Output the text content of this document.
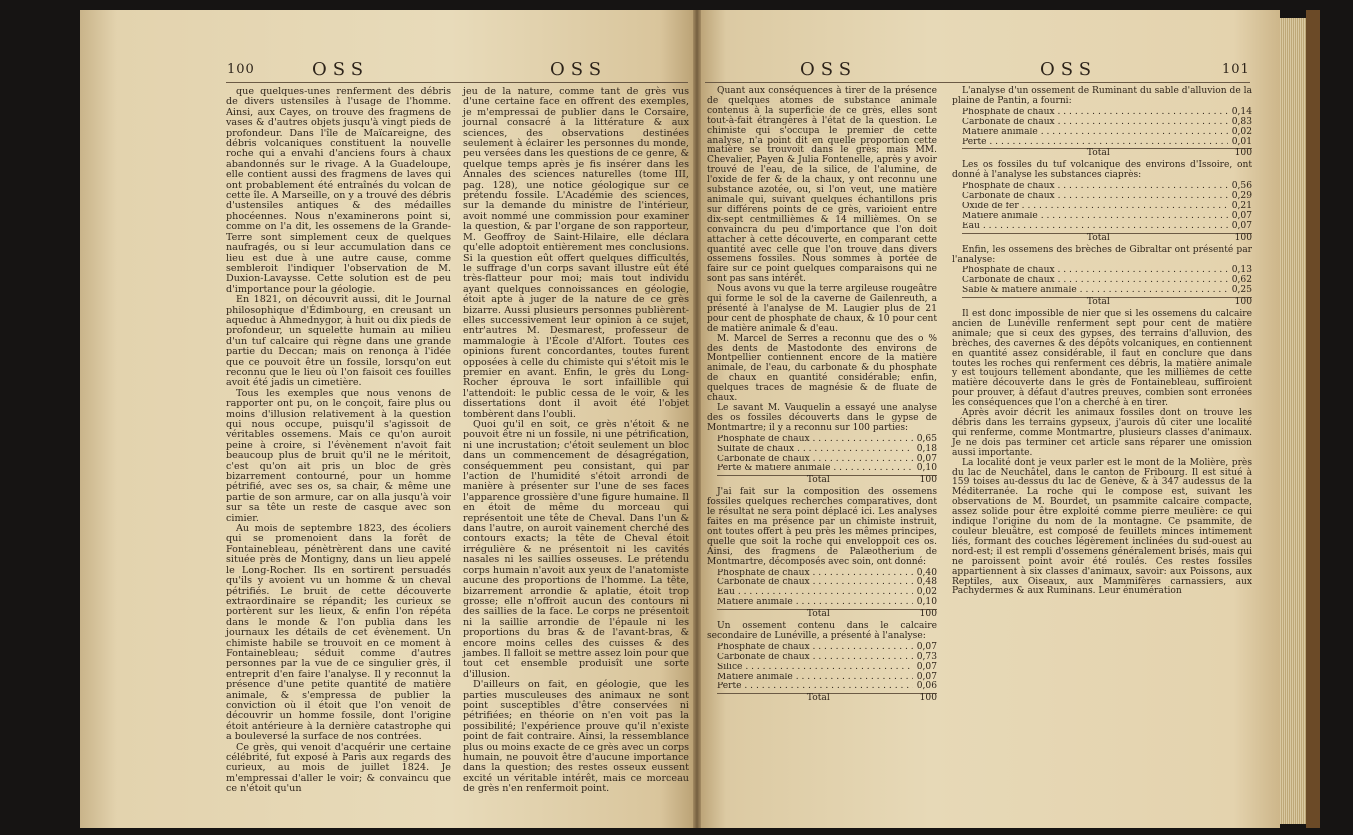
100	OSS	OSS

que quelques-unes renferment des débris de divers ustensiles à l'usage de l'homme. Ainsi, aux Cayes, on trouve des fragmens de vases & d'autres objets jusqu'à vingt pieds de profondeur. Dans l'île de Maïcareigne, des débris volcaniques constituent la nouvelle roche qui a envahi d'anciens fours à chaux abandonnés sur le rivage. A la Guadeloupe, elle contient aussi des fragmens de laves qui ont probablement été entraînés du volcan de cette île. A Marseille, on y a trouvé des débris d'ustensiles antiques & des médailles phocéennes. Nous n'examinerons point si, comme on l'a dit, les ossemens de la Grande-Terre sont simplement ceux de quelques naufragés, ou si leur accumulation dans ce lieu est due à une autre cause, comme sembleroit l'indiquer l'observation de M. Duxion-Lavaysse. Cette solution est de peu d'importance pour la géologie.

En 1821, on découvrit aussi, dit le Journal philosophique d'Édimbourg, en creusant un aqueduc à Ahmednygor, à huit ou dix pieds de profondeur, un squelette humain au milieu d'un tuf calcaire qui règne dans une grande partie du Deccan; mais on renonça à l'idée que ce pouvoit être un fossile, lorsqu'on eut reconnu que le lieu où l'on faisoit ces fouilles avoit été jadis un cimetière.

Tous les exemples que nous venons de rapporter ont pu, on le conçoit, faire plus ou moins d'illusion relativement à la question qui nous occupe, puisqu'il s'agissoit de véritables ossemens. Mais ce qu'on auroit peine à croire, si l'évènement n'avoit fait beaucoup plus de bruit qu'il ne le méritoit, c'est qu'on ait pris un bloc de grès bizarrement contourné, pour un homme pétrifié, avec ses os, sa chair, & même une partie de son armure, car on alla jusqu'à voir sur sa tête un reste de casque avec son cimier.

Au mois de septembre 1823, des écoliers qui se promenoient dans la forêt de Fontainebleau, pénètrèrent dans une cavité située près de Montigny, dans un lieu appelé le Long-Rocher. Ils en sortirent persuadés qu'ils y avoient vu un homme & un cheval pétrifiés. Le bruit de cette découverte extraordinaire se répandit; les curieux se portèrent sur les lieux, & enfin l'on répéta dans le monde & l'on publia dans les journaux les détails de cet évènement. Un chimiste habile se trouvoit en ce moment à Fontainebleau; séduit comme d'autres personnes par la vue de ce singulier grès, il entreprit d'en faire l'analyse. Il y reconnut la présence d'une petite quantité de matière animale, & s'empressa de publier la conviction où il étoit que l'on venoit de découvrir un homme fossile, dont l'origine étoit antérieure à la dernière catastrophe qui a bouleversé la surface de nos contrées.

Ce grès, qui venoit d'acquérir une certaine célébrité, fut exposé à Paris aux regards des curieux, au mois de juillet 1824. Je m'empressai d'aller le voir; & convaincu que ce n'étoit qu'un

jeu de la nature, comme tant de grès vus d'une certaine face en offrent des exemples, je m'empressai de publier dans le Corsaire, journal consacré à la littérature & aux sciences, des observations destinées seulement à éclairer les personnes du monde, peu versées dans les questions de ce genre, & quelque temps après je fis insérer dans les Annales des sciences naturelles (tome III, pag. 128), une notice géologique sur ce prétendu fossile. L'Académie des sciences, sur la demande du ministre de l'intérieur, avoit nommé une commission pour examiner la question, & par l'organe de son rapporteur, M. Geoffroy de Saint-Hilaire, elle déclara qu'elle adoptoit entièrement mes conclusions. Si la question eût offert quelques difficultés, le suffrage d'un corps savant illustre eût été très-flatteur pour moi; mais tout individu ayant quelques connoissances en géologie, étoit apte à juger de la nature de ce grès bizarre. Aussi plusieurs personnes publièrent-elles successivement leur opinion à ce sujet, entr'autres M. Desmarest, professeur de mammalogie à l'École d'Alfort. Toutes ces opinions furent concordantes, toutes furent opposées à celle du chimiste qui s'étoit mis le premier en avant. Enfin, le grès du Long-Rocher éprouva le sort infaillible qui l'attendoit: le public cessa de le voir, & les dissertations dont il avoit été l'objet tombèrent dans l'oubli.

Quoi qu'il en soit, ce grès n'étoit & ne pouvoit être ni un fossile, ni une pétrification, ni une incrustation; c'étoit seulement un bloc dans un commencement de désagrégation, conséquemment peu consistant, qui par l'action de l'humidité s'étoit arrondi de manière à présenter sur l'une de ses faces l'apparence grossière d'une figure humaine. Il en étoit de même du morceau qui représentoit une tête de Cheval. Dans l'un & dans l'autre, on auroit vainement cherché des contours exacts; la tête de Cheval étoit irrégulière & ne présentoit ni les cavités nasales ni les saillies osseuses. Le prétendu corps humain n'avoit aux yeux de l'anatomiste aucune des proportions de l'homme. La tête, bizarrement arrondie & aplatie, étoit trop grosse; elle n'offroit aucun des contours ni des saillies de la face. Le corps ne présentoit ni la saillie arrondie de l'épaule ni les proportions du bras & de l'avant-bras, & encore moins celles des cuisses & des jambes. Il falloit se mettre assez loin pour que tout cet ensemble produisît une sorte d'illusion.

D'ailleurs on fait, en géologie, que les parties musculeuses des animaux ne sont point susceptibles d'être conservées ni pétrifiées; en théorie on n'en voit pas la possibilité; l'expérience prouve qu'il n'existe point de fait contraire. Ainsi, la ressemblance plus ou moins exacte de ce grès avec un corps humain, ne pouvoit être d'aucune importance dans la question; des restes osseux eussent excité un véritable intérêt, mais ce morceau de grès n'en renfermoit point.

OSS	OSS	101

Quant aux conséquences à tirer de la présence de quelques atomes de substance animale contenus à la superficie de ce grès, elles sont tout-à-fait étrangères à l'état de la question. Le chimiste qui s'occupa le premier de cette analyse, n'a point dit en quelle proportion cette matière se trouvoit dans le grès; mais MM. Chevalier, Payen & Julia Fontenelle, après y avoir trouvé de l'eau, de la silice, de l'alumine, de l'oxide de fer & de la chaux, y ont reconnu une substance azotée, ou, si l'on veut, une matière animale qui, suivant quelques échantillons pris sur différens points de ce grès, varioient entre dix-sept centmillièmes & 14 millièmes. On se convaincra du peu d'importance que l'on doit attacher à cette découverte, en comparant cette quantité avec celle que l'on trouve dans divers ossemens fossiles. Nous sommes à portée de faire sur ce point quelques comparaisons qui ne sont pas sans intérêt.

Nous avons vu que la terre argileuse rougeâtre qui forme le sol de la caverne de Gailenreuth, a présenté à l'analyse de M. Laugier plus de 21 pour cent de phosphate de chaux, & 10 pour cent de matière animale & d'eau.

M. Marcel de Serres a reconnu que des o % des dents de Mastodonte des environs de Montpellier contiennent encore de la matière animale, de l'eau, du carbonate & du phosphate de chaux en quantité considérable; enfin, quelques traces de magnésie & de fluate de chaux.

Le savant M. Vauquelin a essayé une analyse des os fossiles découverts dans le gypse de Montmartre; il y a reconnu sur 100 parties:

Phosphate de chaux . . .	0,65
Sulfate de chaux . . .	0,18
Carbonate de chaux . . .	0,07
Perte & matière animale . . .	0,10
Total	100

J'ai fait sur la composition des ossemens fossiles quelques recherches comparatives, dont le résultat ne sera point déplacé ici. Les analyses faites en ma présence par un chimiste instruit, ont toutes offert à peu près les mêmes principes, quelle que soit la roche qui enveloppoit ces os. Ainsi, des fragmens de Palæotherium de Montmartre, décomposés avec soin, ont donné:

Phosphate de chaux . . .	0,40
Carbonate de chaux . . .	0,48
Eau . . .	0,02
Matière animale . . .	0,10
Total	100

Un ossement contenu dans le calcaire secondaire de Lunéville, a présenté à l'analyse:

Phosphate de chaux . . .	0,07
Carbonate de chaux . . .	0,73
Silice . . .	0,07
Matière animale . . .	0,07
Perte . . .	0,06
Total	100

L'analyse d'un ossement de Ruminant du sable d'alluvion de la plaine de Pantin, a fourni:

Phosphate de chaux . . .	0,14
Carbonate de chaux . . .	0,83
Matière animale . . .	0,02
Perte . . .	0,01
Total	100

Les os fossiles du tuf volcanique des environs d'Issoire, ont donné à l'analyse les substances ciaprès:

Phosphate de chaux . . .	0,56
Carbonate de chaux . . .	0,29
Oxide de fer . . .	0,21
Matière animale . . .	0,07
Eau . . .	0,07
Total	100

Enfin, les ossemens des brèches de Gibraltar ont présenté par l'analyse:

Phosphate de chaux . . .	0,13
Carbonate de chaux . . .	0,62
Sable & matière animale . . .	0,25
Total	100

Il est donc impossible de nier que si les ossemens du calcaire ancien de Lunéville renferment sept pour cent de matière animale; que si ceux des gypses, des terrains d'alluvion, des brèches, des cavernes & des dépôts volcaniques, en contiennent en quantité assez considérable, il faut en conclure que dans toutes les roches qui renferment ces débris, la matière animale y est toujours tellement abondante, que les millièmes de cette matière découverte dans le grès de Fontainebleau, suffiroient pour prouver, à défaut d'autres preuves, combien sont erronées les conséquences que l'on a cherché à en tirer.

Après avoir décrit les animaux fossiles dont on trouve les débris dans les terrains gypseux, j'aurois dû citer une localité qui renferme, comme Montmartre, plusieurs classes d'animaux. Je ne dois pas terminer cet article sans réparer une omission aussi importante.

La localité dont je veux parler est le mont de la Molière, près du lac de Neuchâtel, dans le canton de Fribourg. Il est situé à 159 toises au-dessus du lac de Genève, & à 347 audessus de la Méditerranée. La roche qui le compose est, suivant les observations de M. Bourdet, un psammite calcaire compacte, assez solide pour être exploité comme pierre meulière: ce qui indique l'origine du nom de la montagne. Ce psammite, de couleur bleuâtre, est composé de feuillets minces intimement liés, formant des couches légèrement inclinées du sud-ouest au nord-est; il est rempli d'ossemens généralement brisés, mais qui ne paroissent point avoir été roulés. Ces restes fossiles appartiennent à six classes d'animaux, savoir: aux Poissons, aux Reptiles, aux Oiseaux, aux Mammifères carnassiers, aux Pachydermes & aux Ruminans. Leur énumération
